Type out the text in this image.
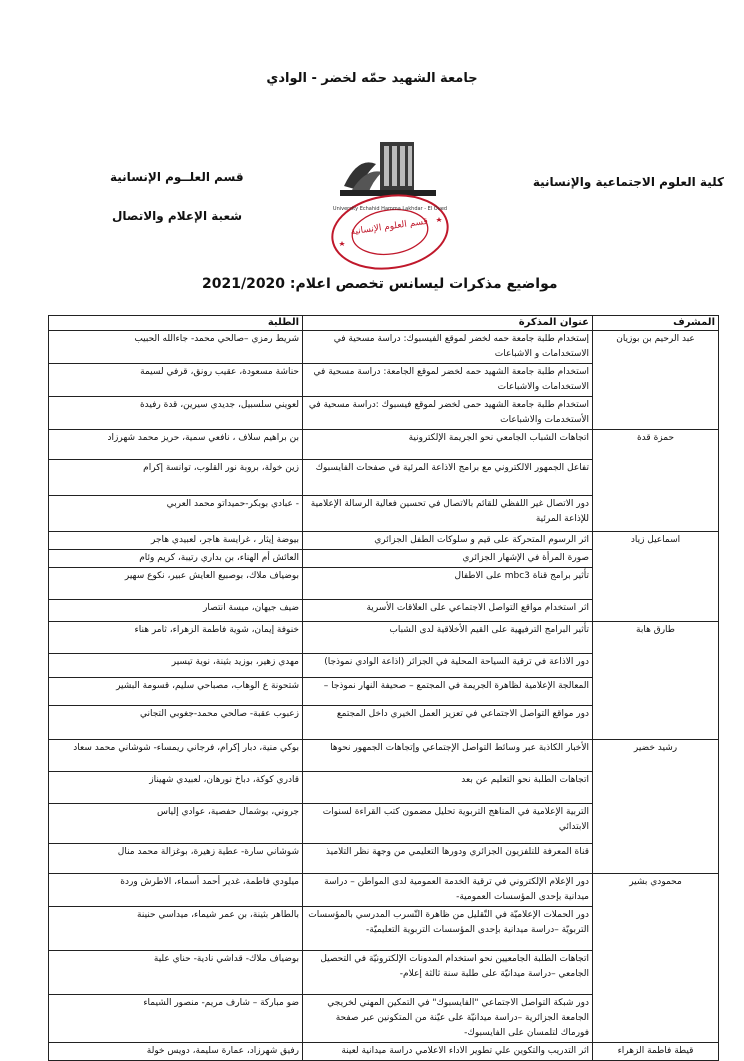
جامعة الشهيد حمّه لخضر - الوادي
كلية العلوم الاجتماعية والإنسانية
قسم العلــوم الإنسانية
شعبة الإعلام والاتصال
قسم العلوم الإنسانية
University Echahid Hamma Lakhdar - El Oued
مواضيع مذكرات ليسانس تخصص اعلام: 2021/2020
المشرف	عنوان المذكرة	الطلبة
عبد الرحيم بن بوزيان	إستخدام طلبة جامعة حمه لخضر لموقع الفيسبوك: دراسة مسحية في الاستخدامات و الاشباعات	شريط رمزي –صالحي محمد- جاءالله الحبيب
	استخدام طلبة جامعة الشهيد حمه لخضر لموقع الجامعة: دراسة مسحية في الاستخدامات والاشباعات	حناشة مسعودة، عقيب رونق، قرفي لسيمة
	استخدام طلبة جامعة الشهيد حمى لخضر لموقع فيسبوك :دراسة مسحية في الأستخدمات والاشباعات	لعويني سلسبيل، جديدي سيرين، قدة رفيدة
حمزة قدة	اتجاهات الشباب الجامعي نحو الجريمة الإلكترونية	بن براهيم سلاف ، نافعي سمية، حريز محمد شهرزاد
	تفاعل الجمهور الالكتروني مع برامج الاذاعة المرئية في صفحات الفايسبوك	زين خولة، بروبة نور القلوب، توانسة إكرام
	دور الاتصال غير اللفظي للقائم بالاتصال في تحسين فعالية الرسالة الإعلامية للإذاعة المرئية	- عبادي بوبكر-حميداتو محمد العربي
اسماعيل زياد	اثر الرسوم المتحركة على قيم و سلوكات الطفل الجزائري	بيوضة إيثار ، غرايسة هاجر، لعبيدي هاجر
	صورة المرأة في الإشهار الجزائري	العائش أم الهناء، بن بداري رتيبة، كريم وئام
	تأثير برامج قناة mbc3 على الاطفال	بوضياف ملاك، بوصبيع العايش عبير، نكوع سهير
	اثر استخدام مواقع التواصل الاجتماعي على العلاقات الأسرية	ضيف جيهان، ميسة انتصار
طارق هابة	تأثير البرامج الترفيهية على القيم الأخلاقية لدى الشباب	خنوفة إيمان، شوية فاطمة الزهراء، ثامر هناء
	دور الاذاعة في ترقية السياحة المحلية في الجزائر (اذاعة الوادي نموذجا)	مهدي زهير، بوزيد بثينة، نوية تيسير
	المعالجة الإعلامية لظاهرة الجريمة في المجتمع – صحيفة النهار نموذجا –	شتحونة ع الوهاب، مصباحي سليم، قسومة البشير
	دور مواقع التواصل الاجتماعي في تعزيز العمل الخيري داخل المجتمع	زعبوب عقبة- صالحي محمد-جغوبي التجاني
رشيد خضير	الأخبار الكاذبة عبر وسائط التواصل الإجتماعي وإتجاهات الجمهور نحوها	بوكي منية، دبار إكرام، فرجاني ريمساء- شوشاني محمد سعاد
	اتجاهات الطلبة نحو التعليم عن بعد	قادري كوكة، دباخ نورهان، لعبيدي شهيناز
	التربية الإعلامية في المناهج التربوية تحليل مضمون كتب القراءة لسنوات الابتدائي	جروني، بوشمال حفصية، عوادي إلياس
	قناة المعرفة للتلفزيون الجزائري ودورها التعليمي من وجهة نظر التلاميذ	شوشاني سارة- عطية زهيرة، بوغزالة محمد منال
محمودي بشير	دور الإعلام الإلكتروني في ترقية الخدمة العمومية لدى المواطن – دراسة ميدانية بإحدى المؤسسات العمومية-	ميلودي فاطمة، غدير أحمد أسماء، الاطرش وردة
	دور الحملات الإعلاميّة في التّقليل من ظاهرة التّسرب المدرسي بالمؤسسات التربويّة –دراسة ميدانية بإحدى المؤسسات التربوية التعليميّة-	بالطاهر بثينة، بن عمر شيماء، ميداسي حنينة
	اتجاهات الطلبة الجامعيين نحو استخدام المدونات الإلكترونيّة في التحصيل الجامعي –دراسة ميدانيّة على طلبة سنة ثالثة إعلام-	بوضياف ملاك- قداشي نادية- حناي علية
	دور شبكة التواصل الاجتماعي "الفايسبوك" في التمكين المهني لخريجي الجامعة الجزائرية –دراسة ميدانيّة على عيّنة من المتكونين عبر صفحة فورماك لتلمسان على الفايسبوك-	ضو مباركة – شارف مريم- منصور الشيماء
قيطة فاطمة الزهراء	اثر التدريب والتكوين علي تطوير الاداء الاعلامي دراسة ميدانية لعينة	رفيق شهرزاد، عمارة سليمة، دويس خولة
